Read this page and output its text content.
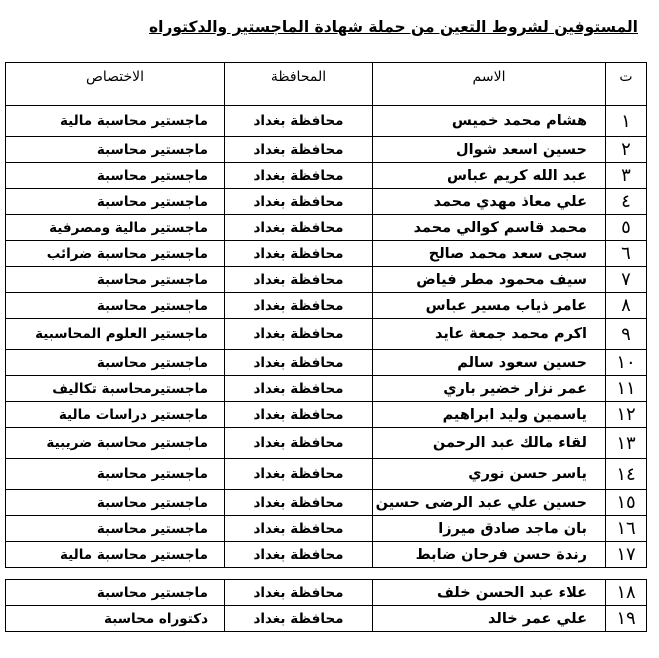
المستوفين لشروط التعين من حملة شهادة الماجستير والدكتوراه
ت	الاسم	المحافظة	الاختصاص
١	هشام محمد خميس	محافظة بغداد	ماجستير محاسبة مالية
٢	حسين اسعد شوال	محافظة بغداد	ماجستير محاسبة
٣	عبد الله كريم عباس	محافظة بغداد	ماجستير محاسبة
٤	علي معاذ مهدي محمد	محافظة بغداد	ماجستير محاسبة
٥	محمد قاسم كوالي محمد	محافظة بغداد	ماجستير مالية ومصرفية
٦	سجى سعد محمد صالح	محافظة بغداد	ماجستير محاسبة ضرائب
٧	سيف محمود مطر فياض	محافظة بغداد	ماجستير محاسبة
٨	عامر ذياب مسير عباس	محافظة بغداد	ماجستير محاسبة
٩	اكرم محمد جمعة عايد	محافظة بغداد	ماجستير العلوم المحاسبية
١٠	حسين سعود سالم	محافظة بغداد	ماجستير محاسبة
١١	عمر نزار خضير باري	محافظة بغداد	ماجستيرمحاسبة تكاليف
١٢	ياسمين وليد ابراهيم	محافظة بغداد	ماجستير دراسات مالية
١٣	لقاء مالك عبد الرحمن	محافظة بغداد	ماجستير محاسبة ضريبية
١٤	ياسر حسن نوري	محافظة بغداد	ماجستير محاسبة
١٥	حسين علي عبد الرضى حسين	محافظة بغداد	ماجستير محاسبة
١٦	بان ماجد صادق ميرزا	محافظة بغداد	ماجستير محاسبة
١٧	رندة حسن فرحان ضابط	محافظة بغداد	ماجستير محاسبة مالية
١٨	علاء عبد الحسن خلف	محافظة بغداد	ماجستير محاسبة
١٩	علي عمر خالد	محافظة بغداد	دكتوراه محاسبة
